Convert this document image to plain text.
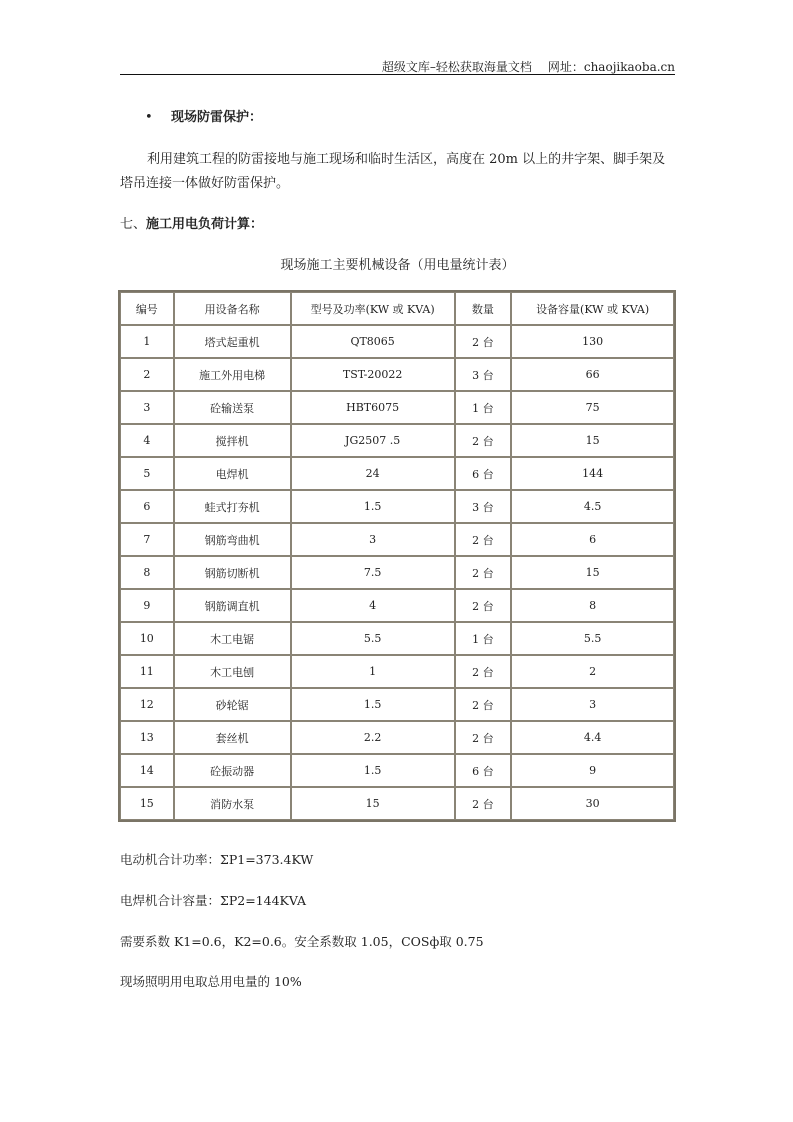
超级文库–轻松获取海量文档 网址：chaojikaoba.cn
• 现场防雷保护：
利用建筑工程的防雷接地与施工现场和临时生活区，高度在 20m 以上的井字架、脚手架及塔吊连接一体做好防雷保护。
七、施工用电负荷计算：
现场施工主要机械设备（用电量统计表）
编号	用设备名称	型号及功率(KW 或 KVA)	数量	设备容量(KW 或 KVA)
1	塔式起重机	QT8065	2 台	130
2	施工外用电梯	TST-20022	3 台	66
3	砼输送泵	HBT6075	1 台	75
4	搅拌机	JG2507 .5	2 台	15
5	电焊机	24	6 台	144
6	蛙式打夯机	1.5	3 台	4.5
7	钢筋弯曲机	3	2 台	6
8	钢筋切断机	7.5	2 台	15
9	钢筋调直机	4	2 台	8
10	木工电锯	5.5	1 台	5.5
11	木工电刨	1	2 台	2
12	砂轮锯	1.5	2 台	3
13	套丝机	2.2	2 台	4.4
14	砼振动器	1.5	6 台	9
15	消防水泵	15	2 台	30
电动机合计功率：ΣP1=373.4KW
电焊机合计容量：ΣP2=144KVA
需要系数 K1=0.6，K2=0.6。安全系数取 1.05，COSф取 0.75
现场照明用电取总用电量的 10%
